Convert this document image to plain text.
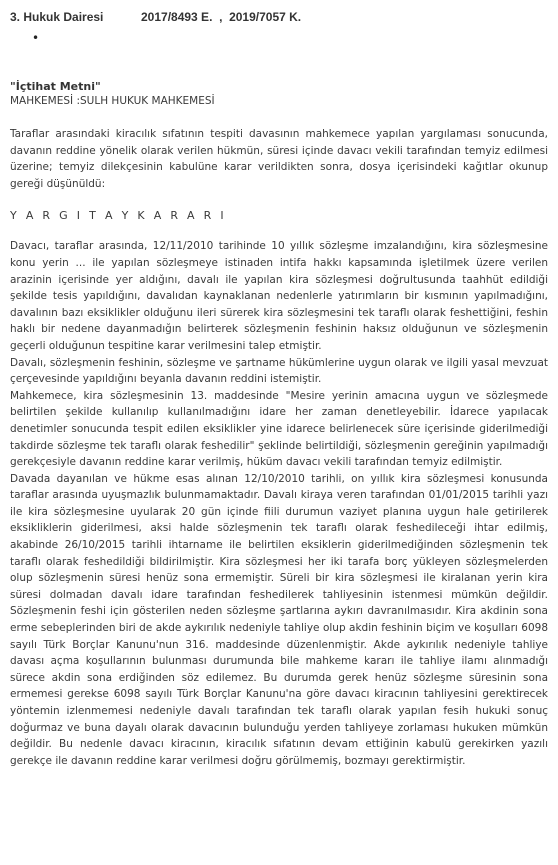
3. Hukuk Dairesi	2017/8493 E.  ,  2019/7057 K.
•
"İçtihat Metni"
MAHKEMESİ :SULH HUKUK MAHKEMESİ

Taraflar arasındaki kiracılık sıfatının tespiti davasının mahkemece yapılan yargılaması sonucunda, davanın reddine yönelik olarak verilen hükmün, süresi içinde davacı vekili tarafından temyiz edilmesi üzerine; temyiz dilekçesinin kabulüne karar verildikten sonra, dosya içerisindeki kağıtlar okunup gereği düşünüldü:

Y A R G I T A Y K A R A R I

Davacı, taraflar arasında, 12/11/2010 tarihinde 10 yıllık sözleşme imzalandığını, kira sözleşmesine konu yerin ... ile yapılan sözleşmeye istinaden intifa hakkı kapsamında işletilmek üzere verilen arazinin içerisinde yer aldığını, davalı ile yapılan kira sözleşmesi doğrultusunda taahhüt edildiği şekilde tesis yapıldığını, davalıdan kaynaklanan nedenlerle yatırımların bir kısmının yapılmadığını, davalının bazı eksiklikler olduğunu ileri sürerek kira sözleşmesini tek taraflı olarak feshettiğini, feshin haklı bir nedene dayanmadığın belirterek sözleşmenin feshinin haksız olduğunun ve sözleşmenin geçerli olduğunun tespitine karar verilmesini talep etmiştir.

Davalı, sözleşmenin feshinin, sözleşme ve şartname hükümlerine uygun olarak ve ilgili yasal mevzuat çerçevesinde yapıldığını beyanla davanın reddini istemiştir.

Mahkemece, kira sözleşmesinin 13. maddesinde "Mesire yerinin amacına uygun ve sözleşmede belirtilen şekilde kullanılıp kullanılmadığını idare her zaman denetleyebilir. İdarece yapılacak denetimler sonucunda tespit edilen eksiklikler yine idarece belirlenecek süre içerisinde giderilmediği takdirde sözleşme tek taraflı olarak feshedilir" şeklinde belirtildiği, sözleşmenin gereğinin yapılmadığı gerekçesiyle davanın reddine karar verilmiş, hüküm davacı vekili tarafından temyiz edilmiştir.

Davada dayanılan ve hükme esas alınan 12/10/2010 tarihli, on yıllık kira sözleşmesi konusunda taraflar arasında uyuşmazlık bulunmamaktadır. Davalı kiraya veren tarafından 01/01/2015 tarihli yazı ile kira sözleşmesine uyularak 20 gün içinde fiili durumun vaziyet planına uygun hale getirilerek eksikliklerin giderilmesi, aksi halde sözleşmenin tek taraflı olarak feshedileceği ihtar edilmiş, akabinde 26/10/2015 tarihli ihtarname ile belirtilen eksiklerin giderilmediğinden sözleşmenin tek taraflı olarak feshedildiği bildirilmiştir. Kira sözleşmesi her iki tarafa borç yükleyen sözleşmelerden olup sözleşmenin süresi henüz sona ermemiştir. Süreli bir kira sözleşmesi ile kiralanan yerin kira süresi dolmadan davalı idare tarafından feshedilerek tahliyesinin istenmesi mümkün değildir. Sözleşmenin feshi için gösterilen neden sözleşme şartlarına aykırı davranılmasıdır. Kira akdinin sona erme sebeplerinden biri de akde aykırılık nedeniyle tahliye olup akdin feshinin biçim ve koşulları 6098 sayılı Türk Borçlar Kanunu'nun 316. maddesinde düzenlenmiştir. Akde aykırılık nedeniyle tahliye davası açma koşullarının bulunması durumunda bile mahkeme kararı ile tahliye ilamı alınmadığı sürece akdin sona erdiğinden söz edilemez. Bu durumda gerek henüz sözleşme süresinin sona ermemesi gerekse 6098 sayılı Türk Borçlar Kanunu'na göre davacı kiracının tahliyesini gerektirecek yöntemin izlenmemesi nedeniyle davalı tarafından tek taraflı olarak yapılan fesih hukuki sonuç doğurmaz ve buna dayalı olarak davacının bulunduğu yerden tahliyeye zorlaması hukuken mümkün değildir. Bu nedenle davacı kiracının, kiracılık sıfatının devam ettiğinin kabulü gerekirken yazılı gerekçe ile davanın reddine karar verilmesi doğru görülmemiş, bozmayı gerektirmiştir.
